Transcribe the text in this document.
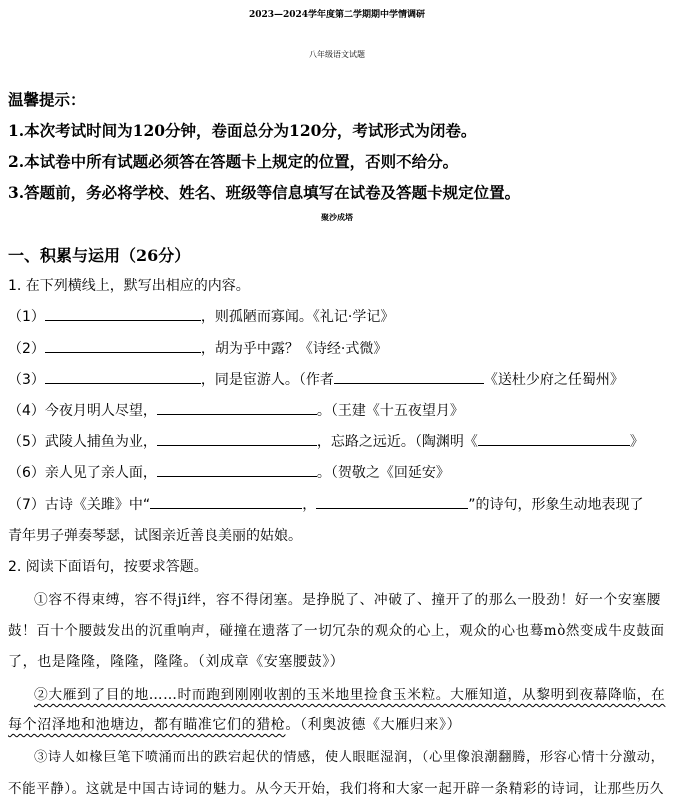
2023—2024学年度第二学期期中学情调研
八年级语文试题
温馨提示：
1.本次考试时间为120分钟，卷面总分为120分，考试形式为闭卷。
2.本试卷中所有试题必须答在答题卡上规定的位置，否则不给分。
3.答题前，务必将学校、姓名、班级等信息填写在试卷及答题卡规定位置。
聚沙成塔
一、积累与运用（26分）
1. 在下列横线上，默写出相应的内容。
（1）	，则孤陋而寡闻。《礼记·学记》
（2）	，胡为乎中露？《诗经·式微》
（3）	，同是宦游人。（作者	《送杜少府之任蜀州》
（4）今夜月明人尽望，	。（王建《十五夜望月》
（5）武陵人捕鱼为业，	，忘路之远近。（陶渊明《	》
（6）亲人见了亲人面，	。（贺敬之《回延安》
（7）古诗《关雎》中“	，	”的诗句，形象生动地表现了
青年男子弹奏琴瑟，试图亲近善良美丽的姑娘。
2. 阅读下面语句，按要求答题。
①容不得束缚，容不得jī绊，容不得闭塞。是挣脱了、冲破了、撞开了的那么一股劲！好一个安塞腰
鼓！百十个腰鼓发出的沉重响声，碰撞在遗落了一切冗杂的观众的心上，观众的心也蓦mò然变成牛皮鼓面
了，也是隆隆，隆隆，隆隆。（刘成章《安塞腰鼓》）
②大雁到了目的地……时而跑到刚刚收割的玉米地里捡食玉米粒。大雁知道，从黎明到夜幕降临，在
每个沼泽地和池塘边，都有瞄准它们的猎枪。（利奥波德《大雁归来》）
③诗人如椽巨笔下喷涌而出的跌宕起伏的情感，使人眼眶湿润，（心里像浪潮翻腾，形容心情十分激动，
不能平静）。这就是中国古诗词的魅力。从今天开始，我们将和大家一起开辟一条精彩的诗词，让那些历久
